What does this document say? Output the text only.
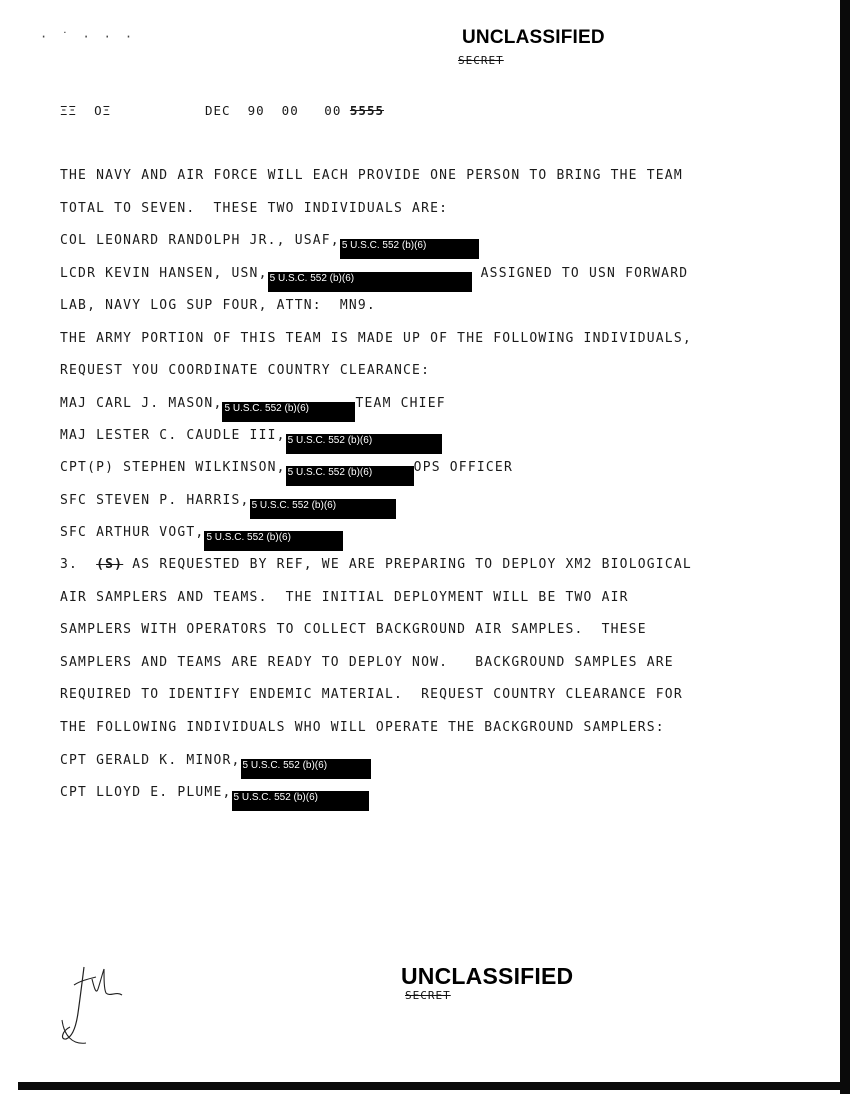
·˙···	UNCLASSIFIED
SECRET
ΞΞ  ΟΞ	DEC  90  00   00 5555
THE NAVY AND AIR FORCE WILL EACH PROVIDE ONE PERSON TO BRING THE TEAM
TOTAL TO SEVEN.  THESE TWO INDIVIDUALS ARE:
COL LEONARD RANDOLPH JR., USAF, 5 U.S.C. 552 (b)(6)
LCDR KEVIN HANSEN, USN, 5 U.S.C. 552 (b)(6)	ASSIGNED TO USN FORWARD
LAB, NAVY LOG SUP FOUR, ATTN:  MN9.
THE ARMY PORTION OF THIS TEAM IS MADE UP OF THE FOLLOWING INDIVIDUALS,
REQUEST YOU COORDINATE COUNTRY CLEARANCE:
MAJ CARL J. MASON, 5 U.S.C. 552 (b)(6)	TEAM CHIEF
MAJ LESTER C. CAUDLE III, 5 U.S.C. 552 (b)(6)
CPT(P) STEPHEN WILKINSON, 5 U.S.C. 552 (b)(6)	OPS OFFICER
SFC STEVEN P. HARRIS, 5 U.S.C. 552 (b)(6)
SFC ARTHUR VOGT, 5 U.S.C. 552 (b)(6)
3. (S) AS REQUESTED BY REF, WE ARE PREPARING TO DEPLOY XM2 BIOLOGICAL
AIR SAMPLERS AND TEAMS.  THE INITIAL DEPLOYMENT WILL BE TWO AIR
SAMPLERS WITH OPERATORS TO COLLECT BACKGROUND AIR SAMPLES.  THESE
SAMPLERS AND TEAMS ARE READY TO DEPLOY NOW.   BACKGROUND SAMPLES ARE
REQUIRED TO IDENTIFY ENDEMIC MATERIAL.  REQUEST COUNTRY CLEARANCE FOR
THE FOLLOWING INDIVIDUALS WHO WILL OPERATE THE BACKGROUND SAMPLERS:
CPT GERALD K. MINOR, 5 U.S.C. 552 (b)(6)
CPT LLOYD E. PLUME, 5 U.S.C. 552 (b)(6)
UNCLASSIFIED
SECRET
